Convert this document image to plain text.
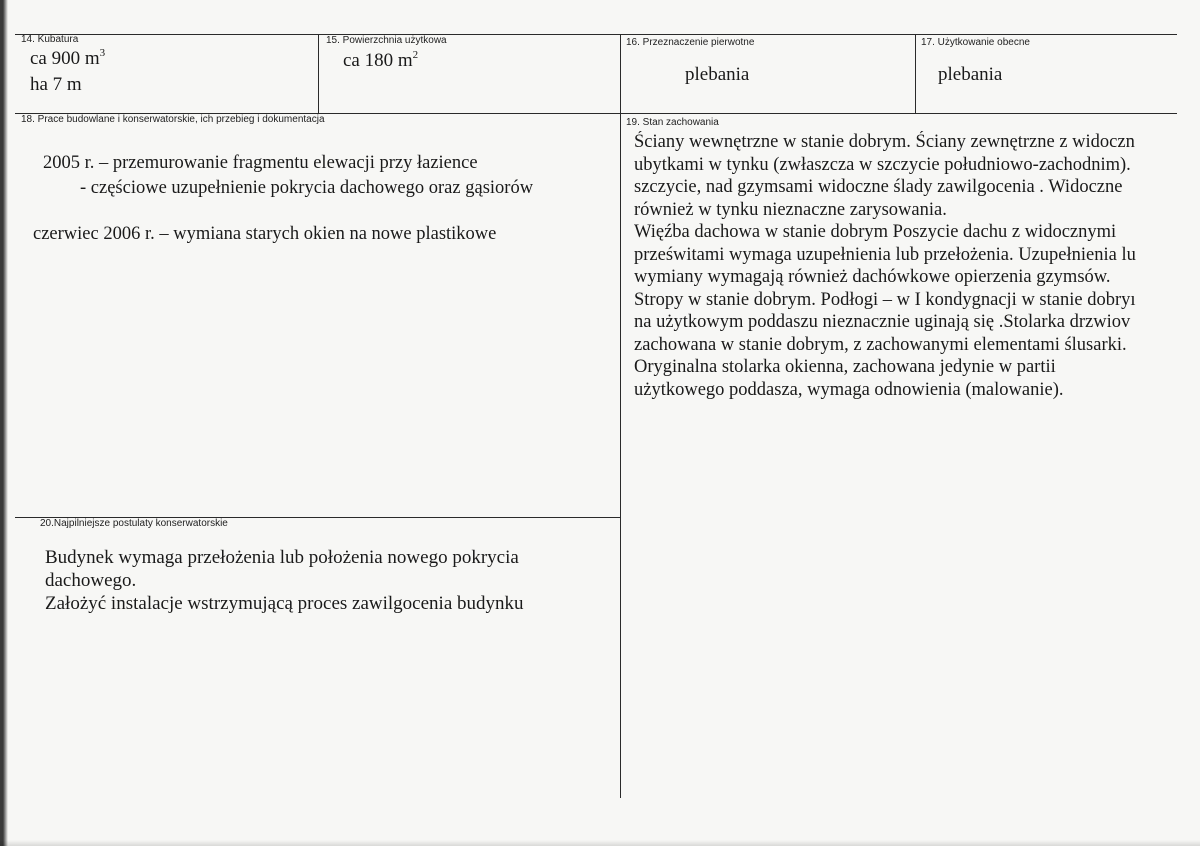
14. Kubatura
ca 900 $m^3$
ha 7 m
15. Powierzchnia użytkowa
ca 180 $m^2$
16. Przeznaczenie pierwotne
plebania
17. Użytkowanie obecne
plebania
18. Prace budowlane i konserwatorskie, ich przebieg i dokumentacja
2005 r. – przemurowanie fragmentu elewacji przy łazience
- częściowe uzupełnienie pokrycia dachowego oraz gąsiorów
czerwiec 2006 r. – wymiana starych okien na nowe plastikowe
19. Stan zachowania
Ściany wewnętrzne w stanie dobrym. Ściany zewnętrzne z widoczn
ubytkami w tynku (zwłaszcza w szczycie południowo-zachodnim).
szczycie, nad gzymsami widoczne ślady zawilgocenia . Widoczne
również w tynku nieznaczne zarysowania.
Więźba dachowa w stanie dobrym Poszycie dachu z widocznymi
prześwitami wymaga uzupełnienia lub przełożenia. Uzupełnienia lu
wymiany wymagają również dachówkowe opierzenia gzymsów.
Stropy w stanie dobrym. Podłogi – w I kondygnacji w stanie dobryı
na użytkowym poddaszu nieznacznie uginają się .Stolarka drzwiov
zachowana w stanie dobrym, z zachowanymi elementami ślusarki.
Oryginalna stolarka okienna, zachowana jedynie w partii
użytkowego poddasza, wymaga odnowienia (malowanie).
20.Najpilniejsze postulaty konserwatorskie
Budynek wymaga przełożenia lub położenia nowego pokrycia
dachowego.
Założyć instalacje wstrzymującą proces zawilgocenia budynku
